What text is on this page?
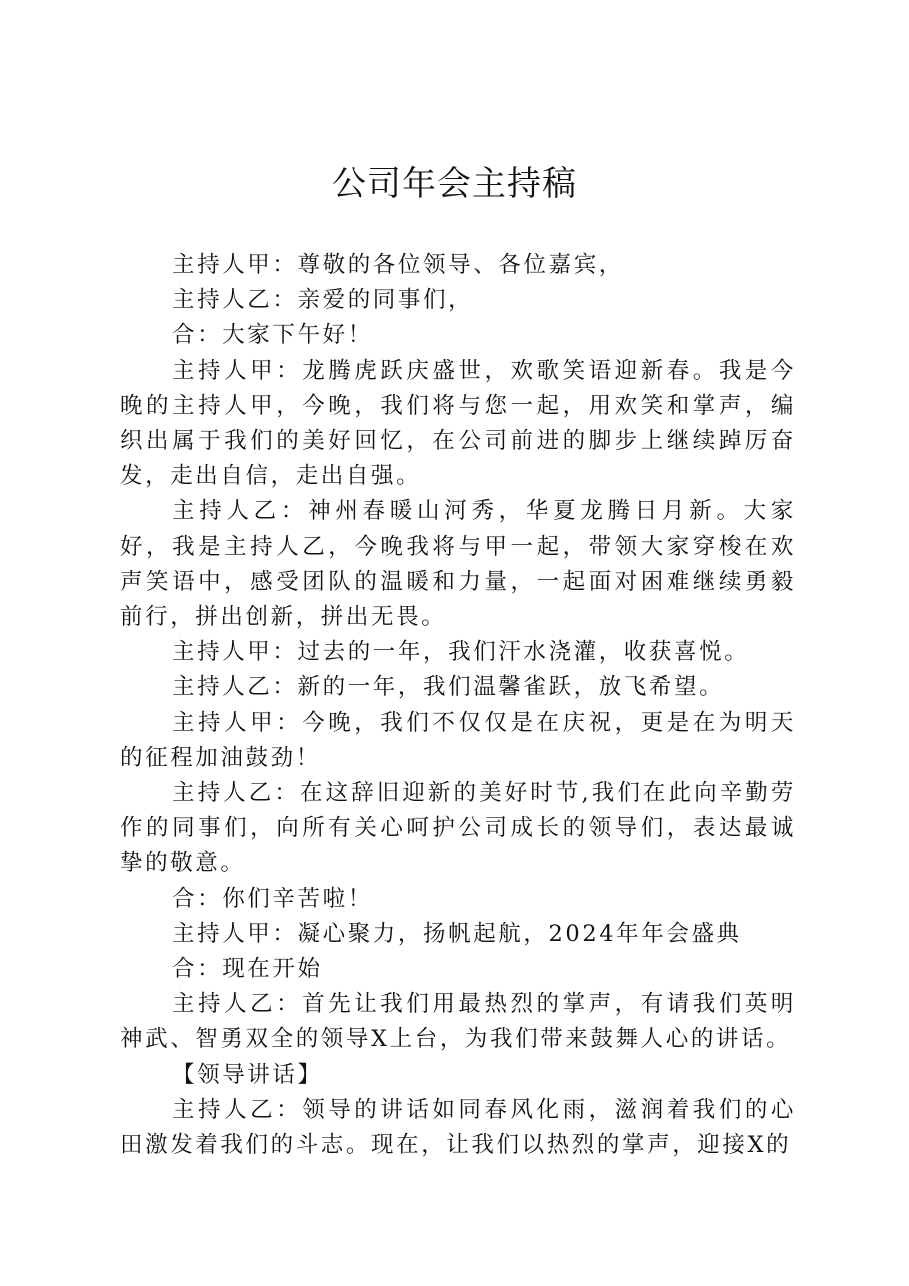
公司年会主持稿

主持人甲：尊敬的各位领导、各位嘉宾，

主持人乙：亲爱的同事们，

合：大家下午好！

主持人甲：龙腾虎跃庆盛世，欢歌笑语迎新春。我是今晚的主持人甲，今晚，我们将与您一起，用欢笑和掌声，编织出属于我们的美好回忆，在公司前进的脚步上继续踔厉奋发，走出自信，走出自强。

主持人乙：神州春暖山河秀，华夏龙腾日月新。大家好，我是主持人乙，今晚我将与甲一起，带领大家穿梭在欢声笑语中，感受团队的温暖和力量，一起面对困难继续勇毅前行，拼出创新，拼出无畏。

主持人甲：过去的一年，我们汗水浇灌，收获喜悦。

主持人乙：新的一年，我们温馨雀跃，放飞希望。

主持人甲：今晚，我们不仅仅是在庆祝，更是在为明天的征程加油鼓劲！

主持人乙：在这辞旧迎新的美好时节,我们在此向辛勤劳作的同事们，向所有关心呵护公司成长的领导们，表达最诚挚的敬意。

合：你们辛苦啦！

主持人甲：凝心聚力，扬帆起航，2024年年会盛典

合：现在开始

主持人乙：首先让我们用最热烈的掌声，有请我们英明神武、智勇双全的领导X上台，为我们带来鼓舞人心的讲话。

【领导讲话】

主持人乙：领导的讲话如同春风化雨，滋润着我们的心田激发着我们的斗志。现在，让我们以热烈的掌声，迎接X的
